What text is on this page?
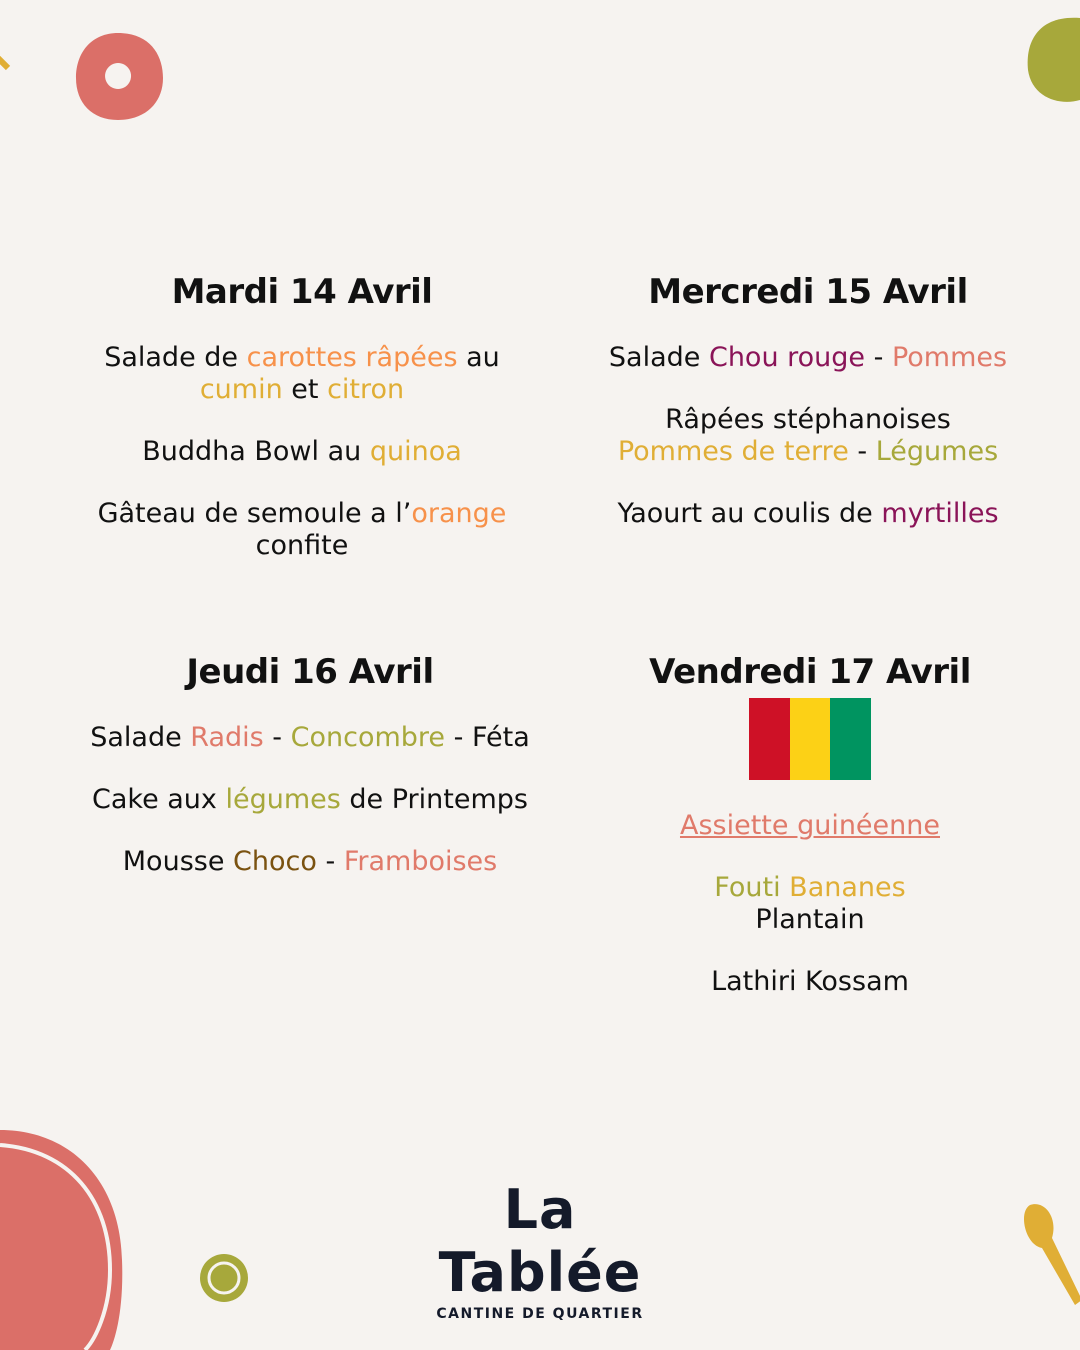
Mardi 14 Avril
Salade de carottes râpées au cumin et citron
Buddha Bowl au quinoa
Gâteau de semoule a l’orange confite
Mercredi 15 Avril
Salade Chou rouge - Pommes
Râpées stéphanoises Pommes de terre - Légumes
Yaourt au coulis de myrtilles
Jeudi 16 Avril
Salade Radis - Concombre - Féta
Cake aux légumes de Printemps
Mousse Choco - Framboises
Vendredi 17 Avril
Assiette guinéenne
Fouti Bananes Plantain
Lathiri Kossam
La Tablée
CANTINE DE QUARTIER
